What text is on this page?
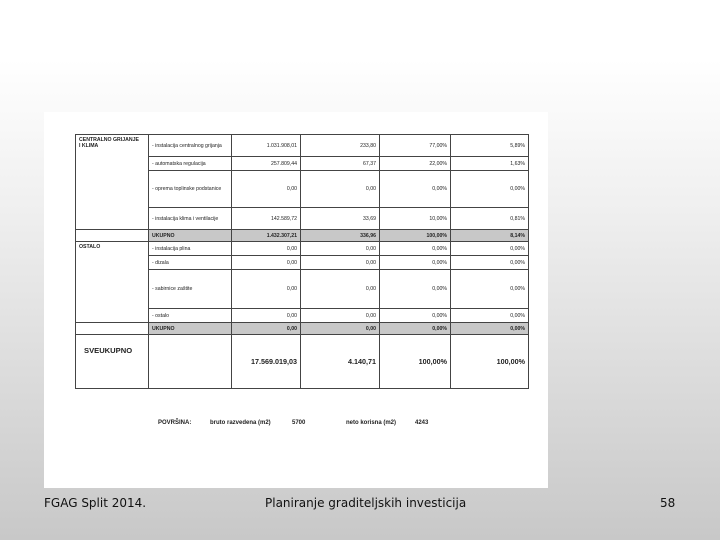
CENTRALNO GRIJANJE
I KLIMA	- instalacija centralnog grijanja	1.031.908,01	233,80	77,00%	5,89%
	- automatska regulacija	257.809,44	67,37	22,00%	1,63%
	- oprema toplinske podstanice	0,00	0,00	0,00%	0,00%
	- instalacija klima i ventilacije	142.589,72	33,69	10,00%	0,81%
	UKUPNO	1.432.307,21	336,96	100,00%	8,14%
OSTALO	- instalacija plina	0,00	0,00	0,00%	0,00%
	- dizala	0,00	0,00	0,00%	0,00%
	- sabirnice zaštite	0,00	0,00	0,00%	0,00%
	- ostalo	0,00	0,00	0,00%	0,00%
	UKUPNO	0,00	0,00	0,00%	0,00%
SVEUKUPNO		17.569.019,03	4.140,71	100,00%	100,00%
POVRŠINA:	bruto razvedena (m2)	5700	neto korisna (m2)	4243
FGAG Split 2014.	Planiranje graditeljskih investicija	58
